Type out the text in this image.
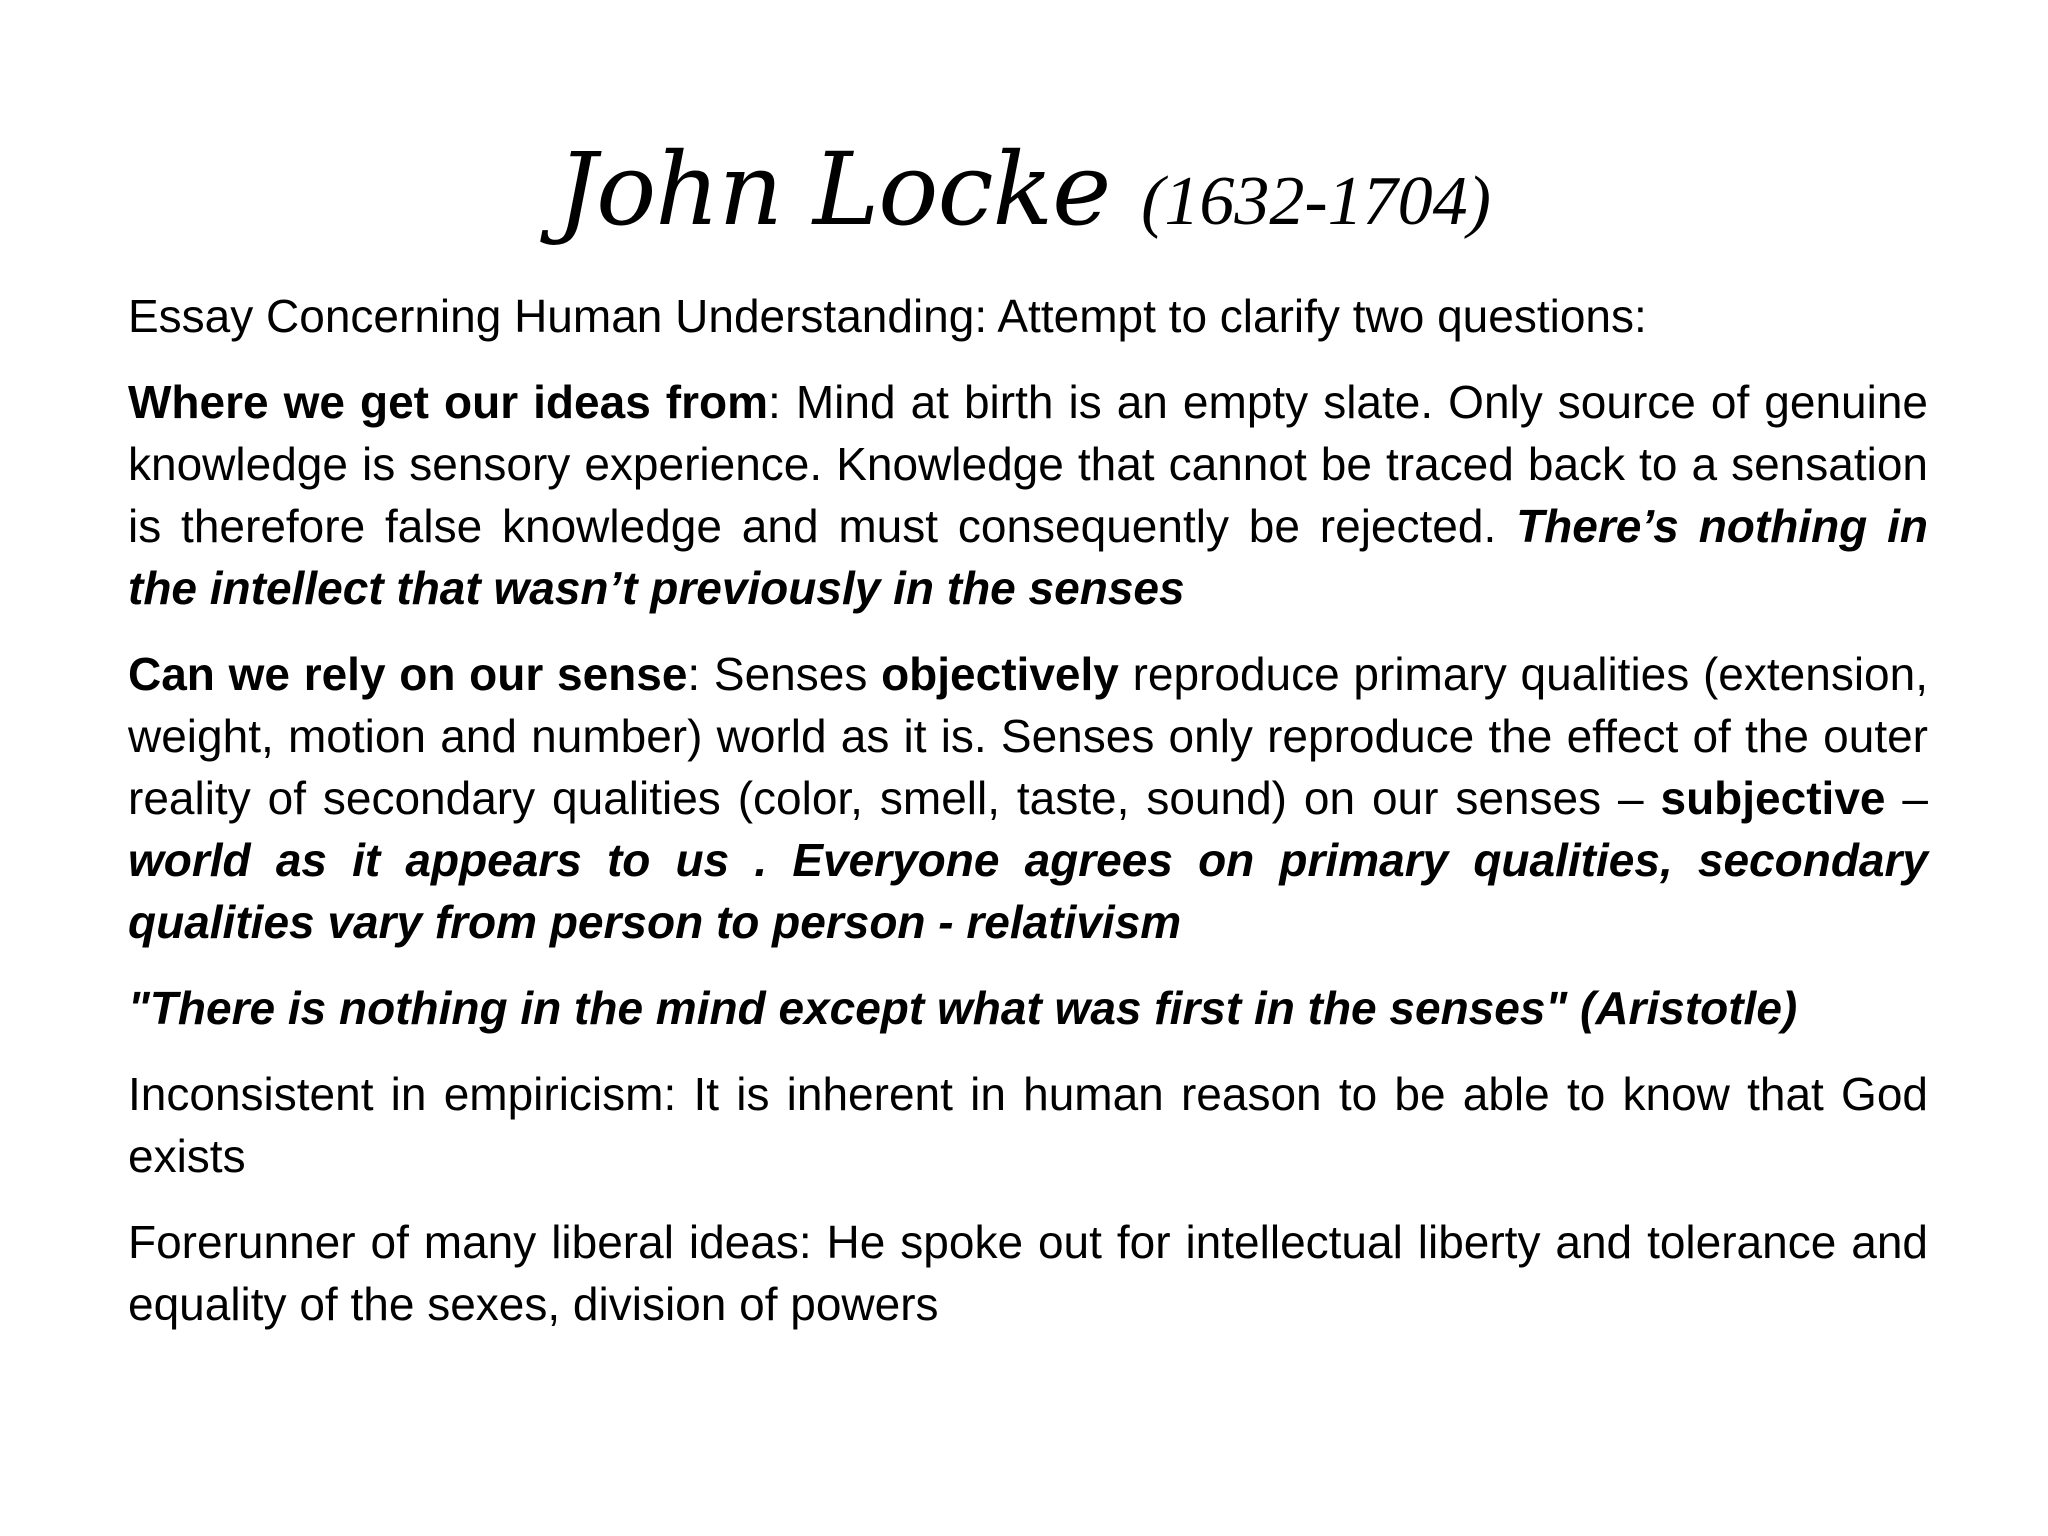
John Locke (1632-1704)

Essay Concerning Human Understanding: Attempt to clarify two questions:

Where we get our ideas from: Mind at birth is an empty slate. Only source of genuine knowledge is sensory experience. Knowledge that cannot be traced back to a sensation is therefore false knowledge and must consequently be rejected. There’s nothing in the intellect that wasn’t previously in the senses

Can we rely on our sense: Senses objectively reproduce primary qualities (extension, weight, motion and number) world as it is. Senses only reproduce the effect of the outer reality of secondary qualities (color, smell, taste, sound) on our senses – subjective – world as it appears to us . Everyone agrees on primary qualities, secondary qualities vary from person to person - relativism

"There is nothing in the mind except what was first in the senses" (Aristotle)

Inconsistent in empiricism: It is inherent in human reason to be able to know that God exists

Forerunner of many liberal ideas: He spoke out for intellectual liberty and tolerance and equality of the sexes, division of powers
